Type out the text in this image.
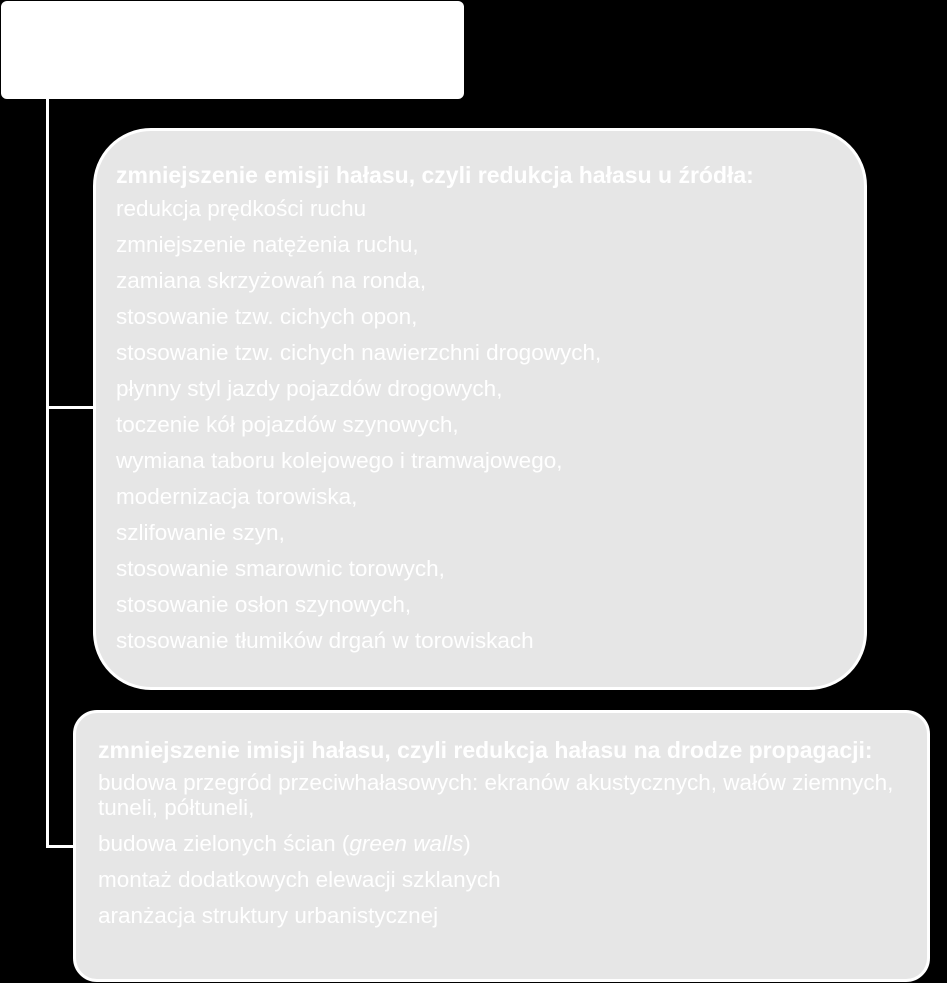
zmniejszenie emisji hałasu, czyli redukcja hałasu u źródła:
redukcja prędkości ruchu
zmniejszenie natężenia ruchu,
zamiana skrzyżowań na ronda,
stosowanie tzw. cichych opon,
stosowanie tzw. cichych nawierzchni drogowych,
płynny styl jazdy pojazdów drogowych,
toczenie kół pojazdów szynowych,
wymiana taboru kolejowego i tramwajowego,
modernizacja torowiska,
szlifowanie szyn,
stosowanie smarownic torowych,
stosowanie osłon szynowych,
stosowanie tłumików drgań w torowiskach
zmniejszenie imisji hałasu, czyli redukcja hałasu na drodze propagacji:
budowa przegród przeciwhałasowych: ekranów akustycznych, wałów ziemnych, tuneli, półtuneli,
budowa zielonych ścian (green walls)
montaż dodatkowych elewacji szklanych
aranżacja struktury urbanistycznej
